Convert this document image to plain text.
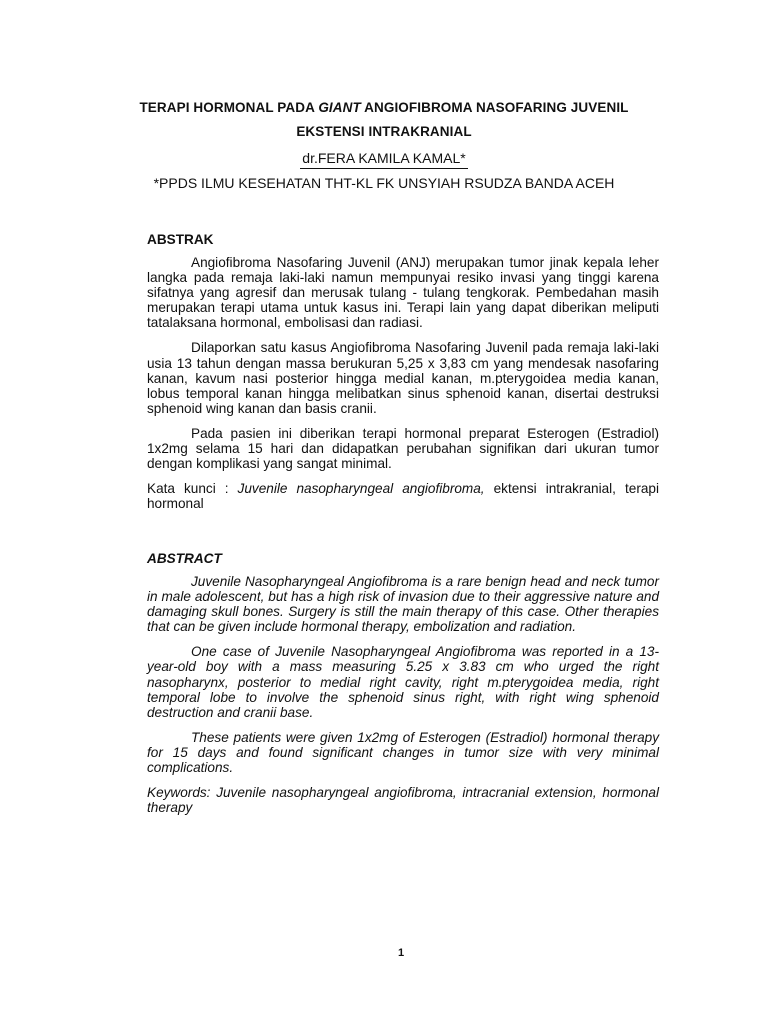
TERAPI HORMONAL PADA GIANT ANGIOFIBROMA NASOFARING JUVENIL
EKSTENSI INTRAKRANIAL
dr.FERA KAMILA KAMAL*
*PPDS ILMU KESEHATAN THT-KL FK UNSYIAH RSUDZA BANDA ACEH
ABSTRAK

Angiofibroma Nasofaring Juvenil (ANJ) merupakan tumor jinak kepala leher langka pada remaja laki-laki namun mempunyai resiko invasi yang tinggi karena sifatnya yang agresif dan merusak tulang - tulang tengkorak. Pembedahan masih merupakan terapi utama untuk kasus ini. Terapi lain yang dapat diberikan meliputi tatalaksana hormonal, embolisasi dan radiasi.

Dilaporkan satu kasus Angiofibroma Nasofaring Juvenil pada remaja laki-laki usia 13 tahun dengan massa berukuran 5,25 x 3,83 cm yang mendesak nasofaring kanan, kavum nasi posterior hingga medial kanan, m.pterygoidea media kanan, lobus temporal kanan hingga melibatkan sinus sphenoid kanan, disertai destruksi sphenoid wing kanan dan basis cranii.

Pada pasien ini diberikan terapi hormonal preparat Esterogen (Estradiol) 1x2mg selama 15 hari dan didapatkan perubahan signifikan dari ukuran tumor dengan komplikasi yang sangat minimal.

Kata kunci : Juvenile nasopharyngeal angiofibroma, ektensi intrakranial, terapi hormonal

ABSTRACT

Juvenile Nasopharyngeal Angiofibroma is a rare benign head and neck tumor in male adolescent, but has a high risk of invasion due to their aggressive nature and damaging skull bones. Surgery is still the main therapy of this case. Other therapies that can be given include hormonal therapy, embolization and radiation.

One case of Juvenile Nasopharyngeal Angiofibroma was reported in a 13-year-old boy with a mass measuring 5.25 x 3.83 cm who urged the right nasopharynx, posterior to medial right cavity, right m.pterygoidea media, right temporal lobe to involve the sphenoid sinus right, with right wing sphenoid destruction and cranii base.

These patients were given 1x2mg of Esterogen (Estradiol) hormonal therapy for 15 days and found significant changes in tumor size with very minimal complications.

Keywords: Juvenile nasopharyngeal angiofibroma, intracranial extension, hormonal therapy

1
